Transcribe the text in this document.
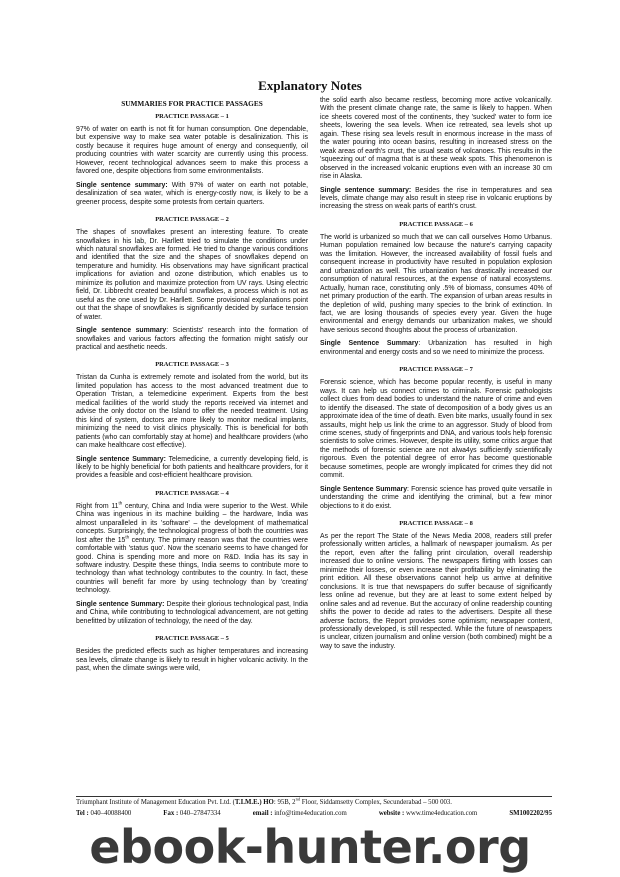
Explanatory Notes
SUMMARIES FOR PRACTICE PASSAGES
PRACTICE PASSAGE – 1

97% of water on earth is not fit for human consumption. One dependable, but expensive way to make sea water potable is desalinization. This is costly because it requires huge amount of energy and consequently, oil producing countries with water scarcity are currently using this process. However, recent technological advances seem to make this process a favored one, despite objections from some environmentalists.

Single sentence summary: With 97% of water on earth not potable, desalinization of sea water, which is energy-costly now, is likely to be a greener process, despite some protests from certain quarters.

PRACTICE PASSAGE – 2

The shapes of snowflakes present an interesting feature. To create snowflakes in his lab, Dr. Harllett tried to simulate the conditions under which natural snowflakes are formed. He tried to change various conditions and identified that the size and the shapes of snowflakes depend on temperature and humidity. His observations may have significant practical implications for aviation and ozone distribution, which enables us to minimize its pollution and maximize protection from UV rays. Using electric field, Dr. Libbrecht created beautiful snowflakes, a process which is not as useful as the one used by Dr. Harllett. Some provisional explanations point out that the shape of snowflakes is significantly decided by surface tension of water.

Single sentence summary: Scientists' research into the formation of snowflakes and various factors affecting the formation might satisfy our practical and aesthetic needs.

PRACTICE PASSAGE – 3

Tristan da Cunha is extremely remote and isolated from the world, but its limited population has access to the most advanced treatment due to Operation Tristan, a telemedicine experiment. Experts from the best medical facilities of the world study the reports received via internet and advise the only doctor on the Island to offer the needed treatment. Using this kind of system, doctors are more likely to monitor medical implants, minimizing the need to visit clinics physically. This is beneficial for both patients (who can comfortably stay at home) and healthcare providers (who can make healthcare cost effective).

Single sentence Summary: Telemedicine, a currently developing field, is likely to be highly beneficial for both patients and healthcare providers, for it provides a feasible and cost-efficient healthcare provision.

PRACTICE PASSAGE – 4

Right from 11th century, China and India were superior to the West. While China was ingenious in its machine building – the hardware, India was almost unparalleled in its 'software' – the development of mathematical concepts. Surprisingly, the technological progress of both the countries was lost after the 15th century. The primary reason was that the countries were comfortable with 'status quo'. Now the scenario seems to have changed for good. China is spending more and more on R&D. India has its say in software industry. Despite these things, India seems to contribute more to technology than what technology contributes to the country. In fact, these countries will benefit far more by using technology than by 'creating' technology.

Single sentence Summary: Despite their glorious technological past, India and China, while contributing to technological advancement, are not getting benefitted by utilization of technology, the need of the day.

PRACTICE PASSAGE – 5

Besides the predicted effects such as higher temperatures and increasing sea levels, climate change is likely to result in higher volcanic activity. In the past, when the climate swings were wild,

the solid earth also became restless, becoming more active volcanically. With the present climate change rate, the same is likely to happen. When ice sheets covered most of the continents, they 'sucked' water to form ice sheets, lowering the sea levels. When ice retreated, sea levels shot up again. These rising sea levels result in enormous increase in the mass of the water pouring into ocean basins, resulting in increased stress on the weak areas of earth's crust, the usual seats of volcanoes. This results in the 'squeezing out' of magma that is at these weak spots. This phenomenon is observed in the increased volcanic eruptions even with an increase 30 cm rise in Alaska.

Single sentence summary: Besides the rise in temperatures and sea levels, climate change may also result in steep rise in volcanic eruptions by increasing the stress on weak parts of earth's crust.

PRACTICE PASSAGE – 6

The world is urbanized so much that we can call ourselves Homo Urbanus. Human population remained low because the nature's carrying capacity was the limitation. However, the increased availability of fossil fuels and consequent increase in productivity have resulted in population explosion and urbanization as well. This urbanization has drastically increased our consumption of natural resources, at the expense of natural ecosystems. Actually, human race, constituting only .5% of biomass, consumes 40% of net primary production of the earth. The expansion of urban areas results in the depletion of wild, pushing many species to the brink of extinction. In fact, we are losing thousands of species every year. Given the huge environmental and energy demands our urbanization makes, we should have serious second thoughts about the process of urbanization.

Single Sentence Summary: Urbanization has resulted in high environmental and energy costs and so we need to minimize the process.

PRACTICE PASSAGE – 7

Forensic science, which has become popular recently, is useful in many ways. It can help us connect crimes to criminals. Forensic pathologists collect clues from dead bodies to understand the nature of crime and even to identify the diseased. The state of decomposition of a body gives us an approximate idea of the time of death. Even bite marks, usually found in sex assaults, might help us link the crime to an aggressor. Study of blood from crime scenes, study of fingerprints and DNA, and various tools help forensic scientists to solve crimes. However, despite its utility, some critics argue that the methods of forensic science are not alwa4ys sufficiently scientifically rigorous. Even the potential degree of error has become questionable because sometimes, people are wrongly implicated for crimes they did not commit.

Single Sentence Summary: Forensic science has proved quite versatile in understanding the crime and identifying the criminal, but a few minor objections to it do exist.

PRACTICE PASSAGE – 8

As per the report The State of the News Media 2008, readers still prefer professionally written articles, a hallmark of newspaper journalism. As per the report, even after the falling print circulation, overall readership increased due to online versions. The newspapers flirting with losses can minimize their losses, or even increase their profitability by eliminating the print edition. All these observations cannot help us arrive at definitive conclusions. It is true that newspapers do suffer because of significantly less online ad revenue, but they are at least to some extent helped by online sales and ad revenue. But the accuracy of online readership counting shifts the power to decide ad rates to the advertisers. Despite all these adverse factors, the Report provides some optimism; newspaper content, professionally developed, is still respected. While the future of newspapers is unclear, citizen journalism and online version (both combined) might be a way to save the industry.

Triumphant Institute of Management Education Pvt. Ltd. (T.I.M.E.) HO: 95B, 2nd Floor, Siddamsetty Complex, Secunderabad – 500 003.
Tel : 040–40088400	Fax : 040–27847334	email : info@time4education.com	website : www.time4education.com	SM1002202/95
ebook-hunter.org
